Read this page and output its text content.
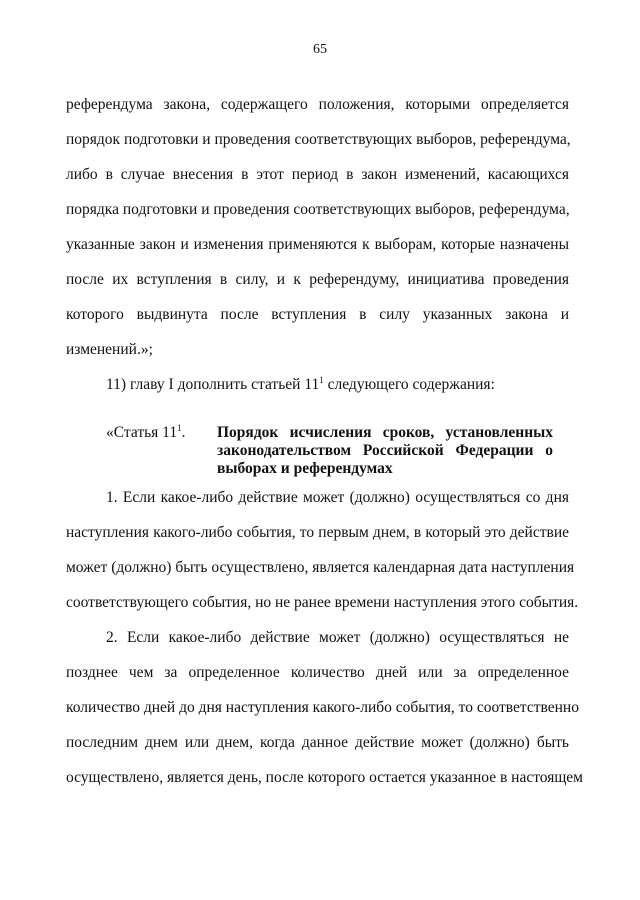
65
референдума закона, содержащего положения, которыми определяется
порядок подготовки и проведения соответствующих выборов, референдума,
либо в случае внесения в этот период в закон изменений, касающихся
порядка подготовки и проведения соответствующих выборов, референдума,
указанные закон и изменения применяются к выборам, которые назначены
после их вступления в силу, и к референдуму, инициатива проведения
которого выдвинута после вступления в силу указанных закона и
изменений.»;
11) главу I дополнить статьей $11^1$ следующего содержания:
«Статья $11^1$. Порядок исчисления сроков, установленных
законодательством Российской Федерации о
выборах и референдумах
1. Если какое-либо действие может (должно) осуществляться со дня
наступления какого-либо события, то первым днем, в который это действие
может (должно) быть осуществлено, является календарная дата наступления
соответствующего события, но не ранее времени наступления этого события.
2. Если какое-либо действие может (должно) осуществляться не
позднее чем за определенное количество дней или за определенное
количество дней до дня наступления какого-либо события, то соответственно
последним днем или днем, когда данное действие может (должно) быть
осуществлено, является день, после которого остается указанное в настоящем
